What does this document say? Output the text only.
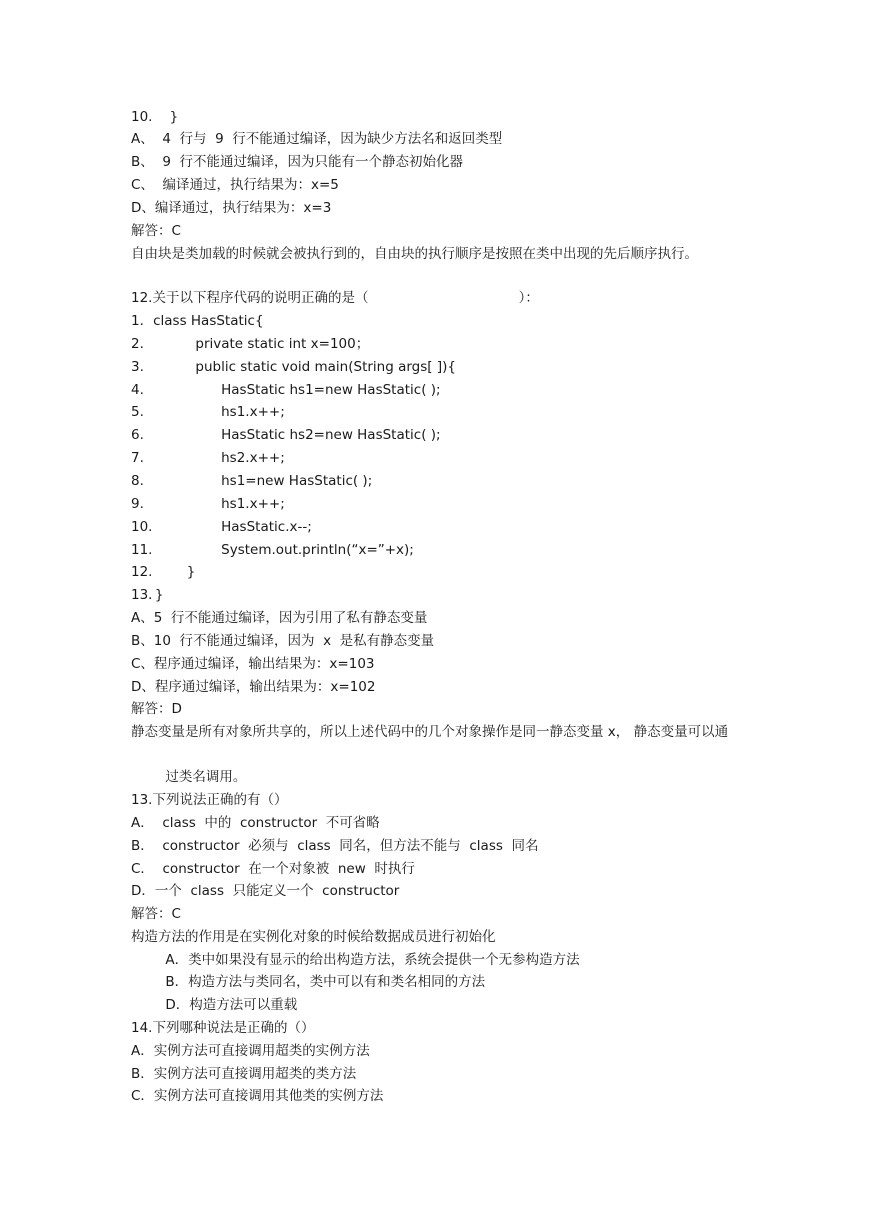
10.    }
A、  4  行与  9  行不能通过编译，因为缺少方法名和返回类型
B、  9  行不能通过编译，因为只能有一个静态初始化器
C、  编译通过，执行结果为：x=5
D、编译通过，执行结果为：x=3
解答：C
自由块是类加载的时候就会被执行到的，自由块的执行顺序是按照在类中出现的先后顺序执行。
12.关于以下程序代码的说明正确的是（                                   ）：
1．class HasStatic{
2.            private static int x=100；
3.            public static void main(String args[ ]){
4.                  HasStatic hs1=new HasStatic( );
5.                  hs1.x++;
6.                  HasStatic hs2=new HasStatic( );
7.                  hs2.x++;
8.                  hs1=new HasStatic( );
9.                  hs1.x++;
10.                HasStatic.x--;
11.                System.out.println(“x=”+x);
12.        }
13．}
A、5  行不能通过编译，因为引用了私有静态变量
B、10  行不能通过编译，因为  x  是私有静态变量
C、程序通过编译，输出结果为：x=103
D、程序通过编译，输出结果为：x=102
解答：D
静态变量是所有对象所共享的，所以上述代码中的几个对象操作是同一静态变量 x， 静态变量可以通
过类名调用。
13.下列说法正确的有（）
A．  class  中的  constructor  不可省略
B．  constructor  必须与  class  同名，但方法不能与  class  同名
C．  constructor  在一个对象被  new  时执行
D．一个  class  只能定义一个  constructor
解答：C
构造方法的作用是在实例化对象的时候给数据成员进行初始化
A．类中如果没有显示的给出构造方法，系统会提供一个无参构造方法
B．构造方法与类同名，类中可以有和类名相同的方法
D．构造方法可以重载
14.下列哪种说法是正确的（）
A．实例方法可直接调用超类的实例方法
B．实例方法可直接调用超类的类方法
C．实例方法可直接调用其他类的实例方法
